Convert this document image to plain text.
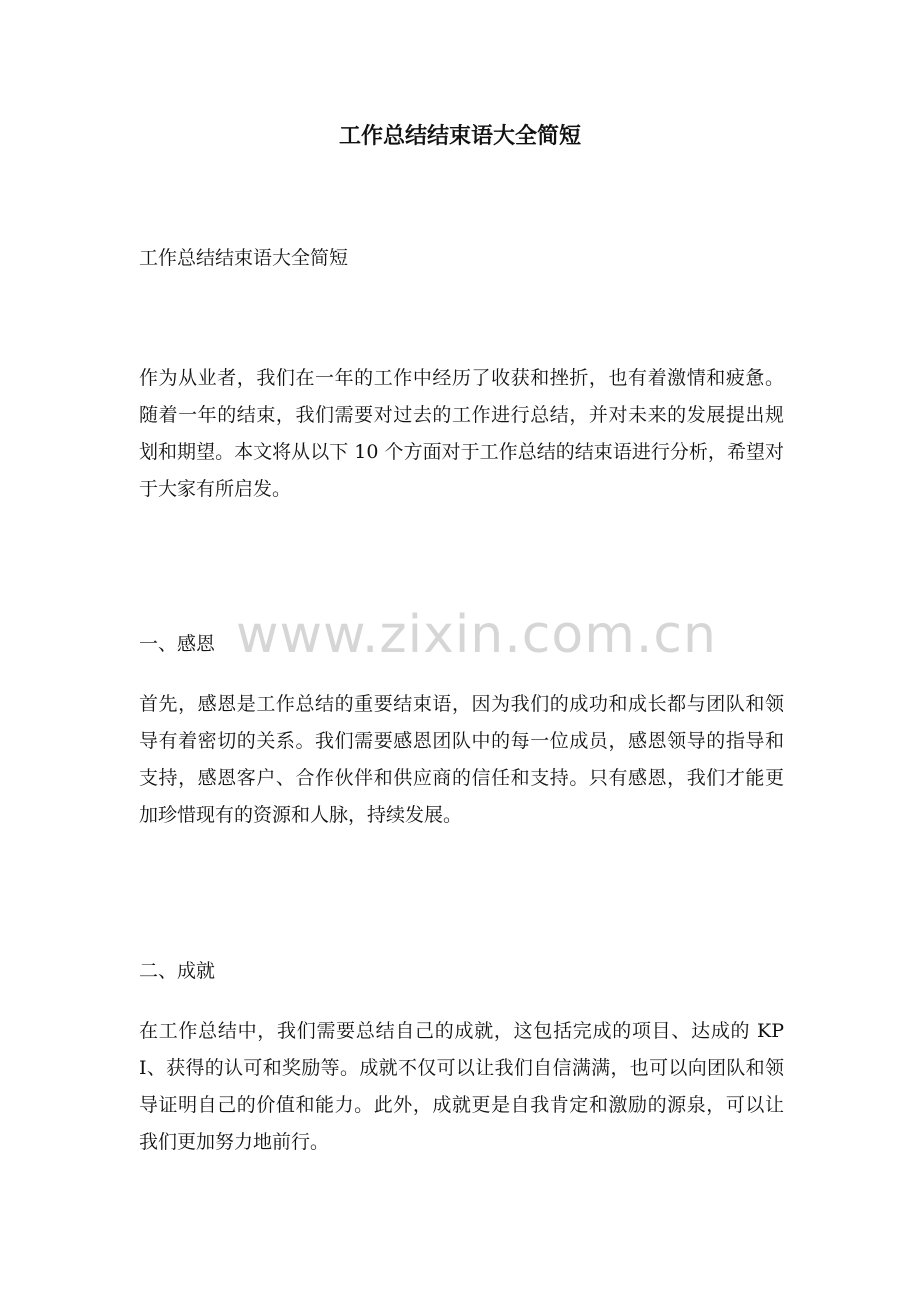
工作总结结束语大全简短

工作总结结束语大全简短

作为从业者，我们在一年的工作中经历了收获和挫折，也有着激情和疲惫。随着一年的结束，我们需要对过去的工作进行总结，并对未来的发展提出规划和期望。本文将从以下 10 个方面对于工作总结的结束语进行分析，希望对于大家有所启发。

www.zixin.com.cn

一、感恩

首先，感恩是工作总结的重要结束语，因为我们的成功和成长都与团队和领导有着密切的关系。我们需要感恩团队中的每一位成员，感恩领导的指导和支持，感恩客户、合作伙伴和供应商的信任和支持。只有感恩，我们才能更加珍惜现有的资源和人脉，持续发展。

二、成就

在工作总结中，我们需要总结自己的成就，这包括完成的项目、达成的 KPI、获得的认可和奖励等。成就不仅可以让我们自信满满，也可以向团队和领导证明自己的价值和能力。此外，成就更是自我肯定和激励的源泉，可以让我们更加努力地前行。
